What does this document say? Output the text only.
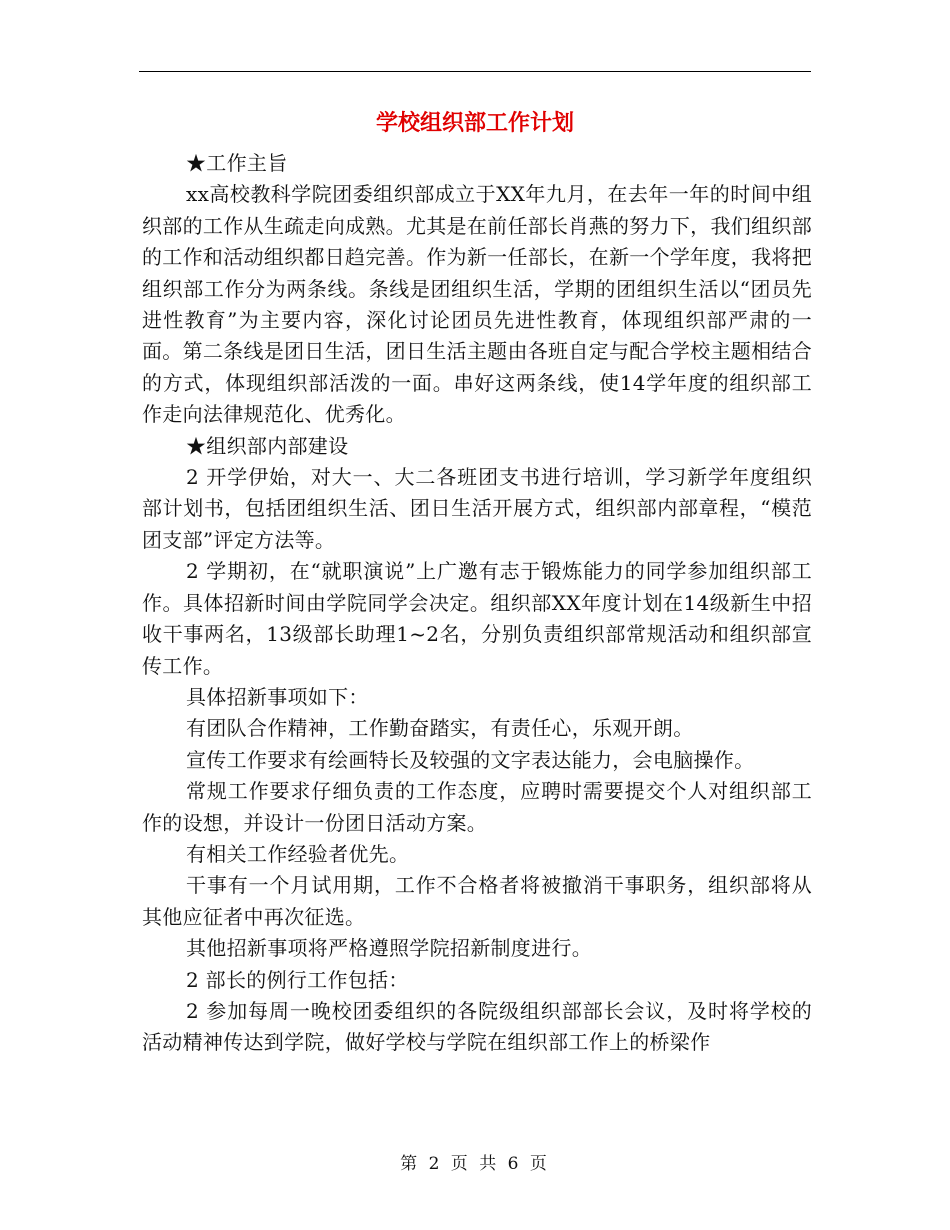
学校组织部工作计划

★工作主旨

xx高校教科学院团委组织部成立于XX年九月，在去年一年的时间中组织部的工作从生疏走向成熟。尤其是在前任部长肖燕的努力下，我们组织部的工作和活动组织都日趋完善。作为新一任部长，在新一个学年度，我将把组织部工作分为两条线。条线是团组织生活，学期的团组织生活以“团员先进性教育”为主要内容，深化讨论团员先进性教育，体现组织部严肃的一面。第二条线是团日生活，团日生活主题由各班自定与配合学校主题相结合的方式，体现组织部活泼的一面。串好这两条线，使14学年度的组织部工作走向法律规范化、优秀化。

★组织部内部建设

2 开学伊始，对大一、大二各班团支书进行培训，学习新学年度组织部计划书，包括团组织生活、团日生活开展方式，组织部内部章程，“模范团支部”评定方法等。

2 学期初，在“就职演说”上广邀有志于锻炼能力的同学参加组织部工作。具体招新时间由学院同学会决定。组织部XX年度计划在14级新生中招收干事两名，13级部长助理1~2名，分别负责组织部常规活动和组织部宣传工作。

具体招新事项如下：

有团队合作精神，工作勤奋踏实，有责任心，乐观开朗。

宣传工作要求有绘画特长及较强的文字表达能力，会电脑操作。

常规工作要求仔细负责的工作态度，应聘时需要提交个人对组织部工作的设想，并设计一份团日活动方案。

有相关工作经验者优先。

干事有一个月试用期，工作不合格者将被撤消干事职务，组织部将从其他应征者中再次征选。

其他招新事项将严格遵照学院招新制度进行。

2 部长的例行工作包括：

2 参加每周一晚校团委组织的各院级组织部部长会议，及时将学校的活动精神传达到学院，做好学校与学院在组织部工作上的桥梁作

第 2 页 共 6 页
